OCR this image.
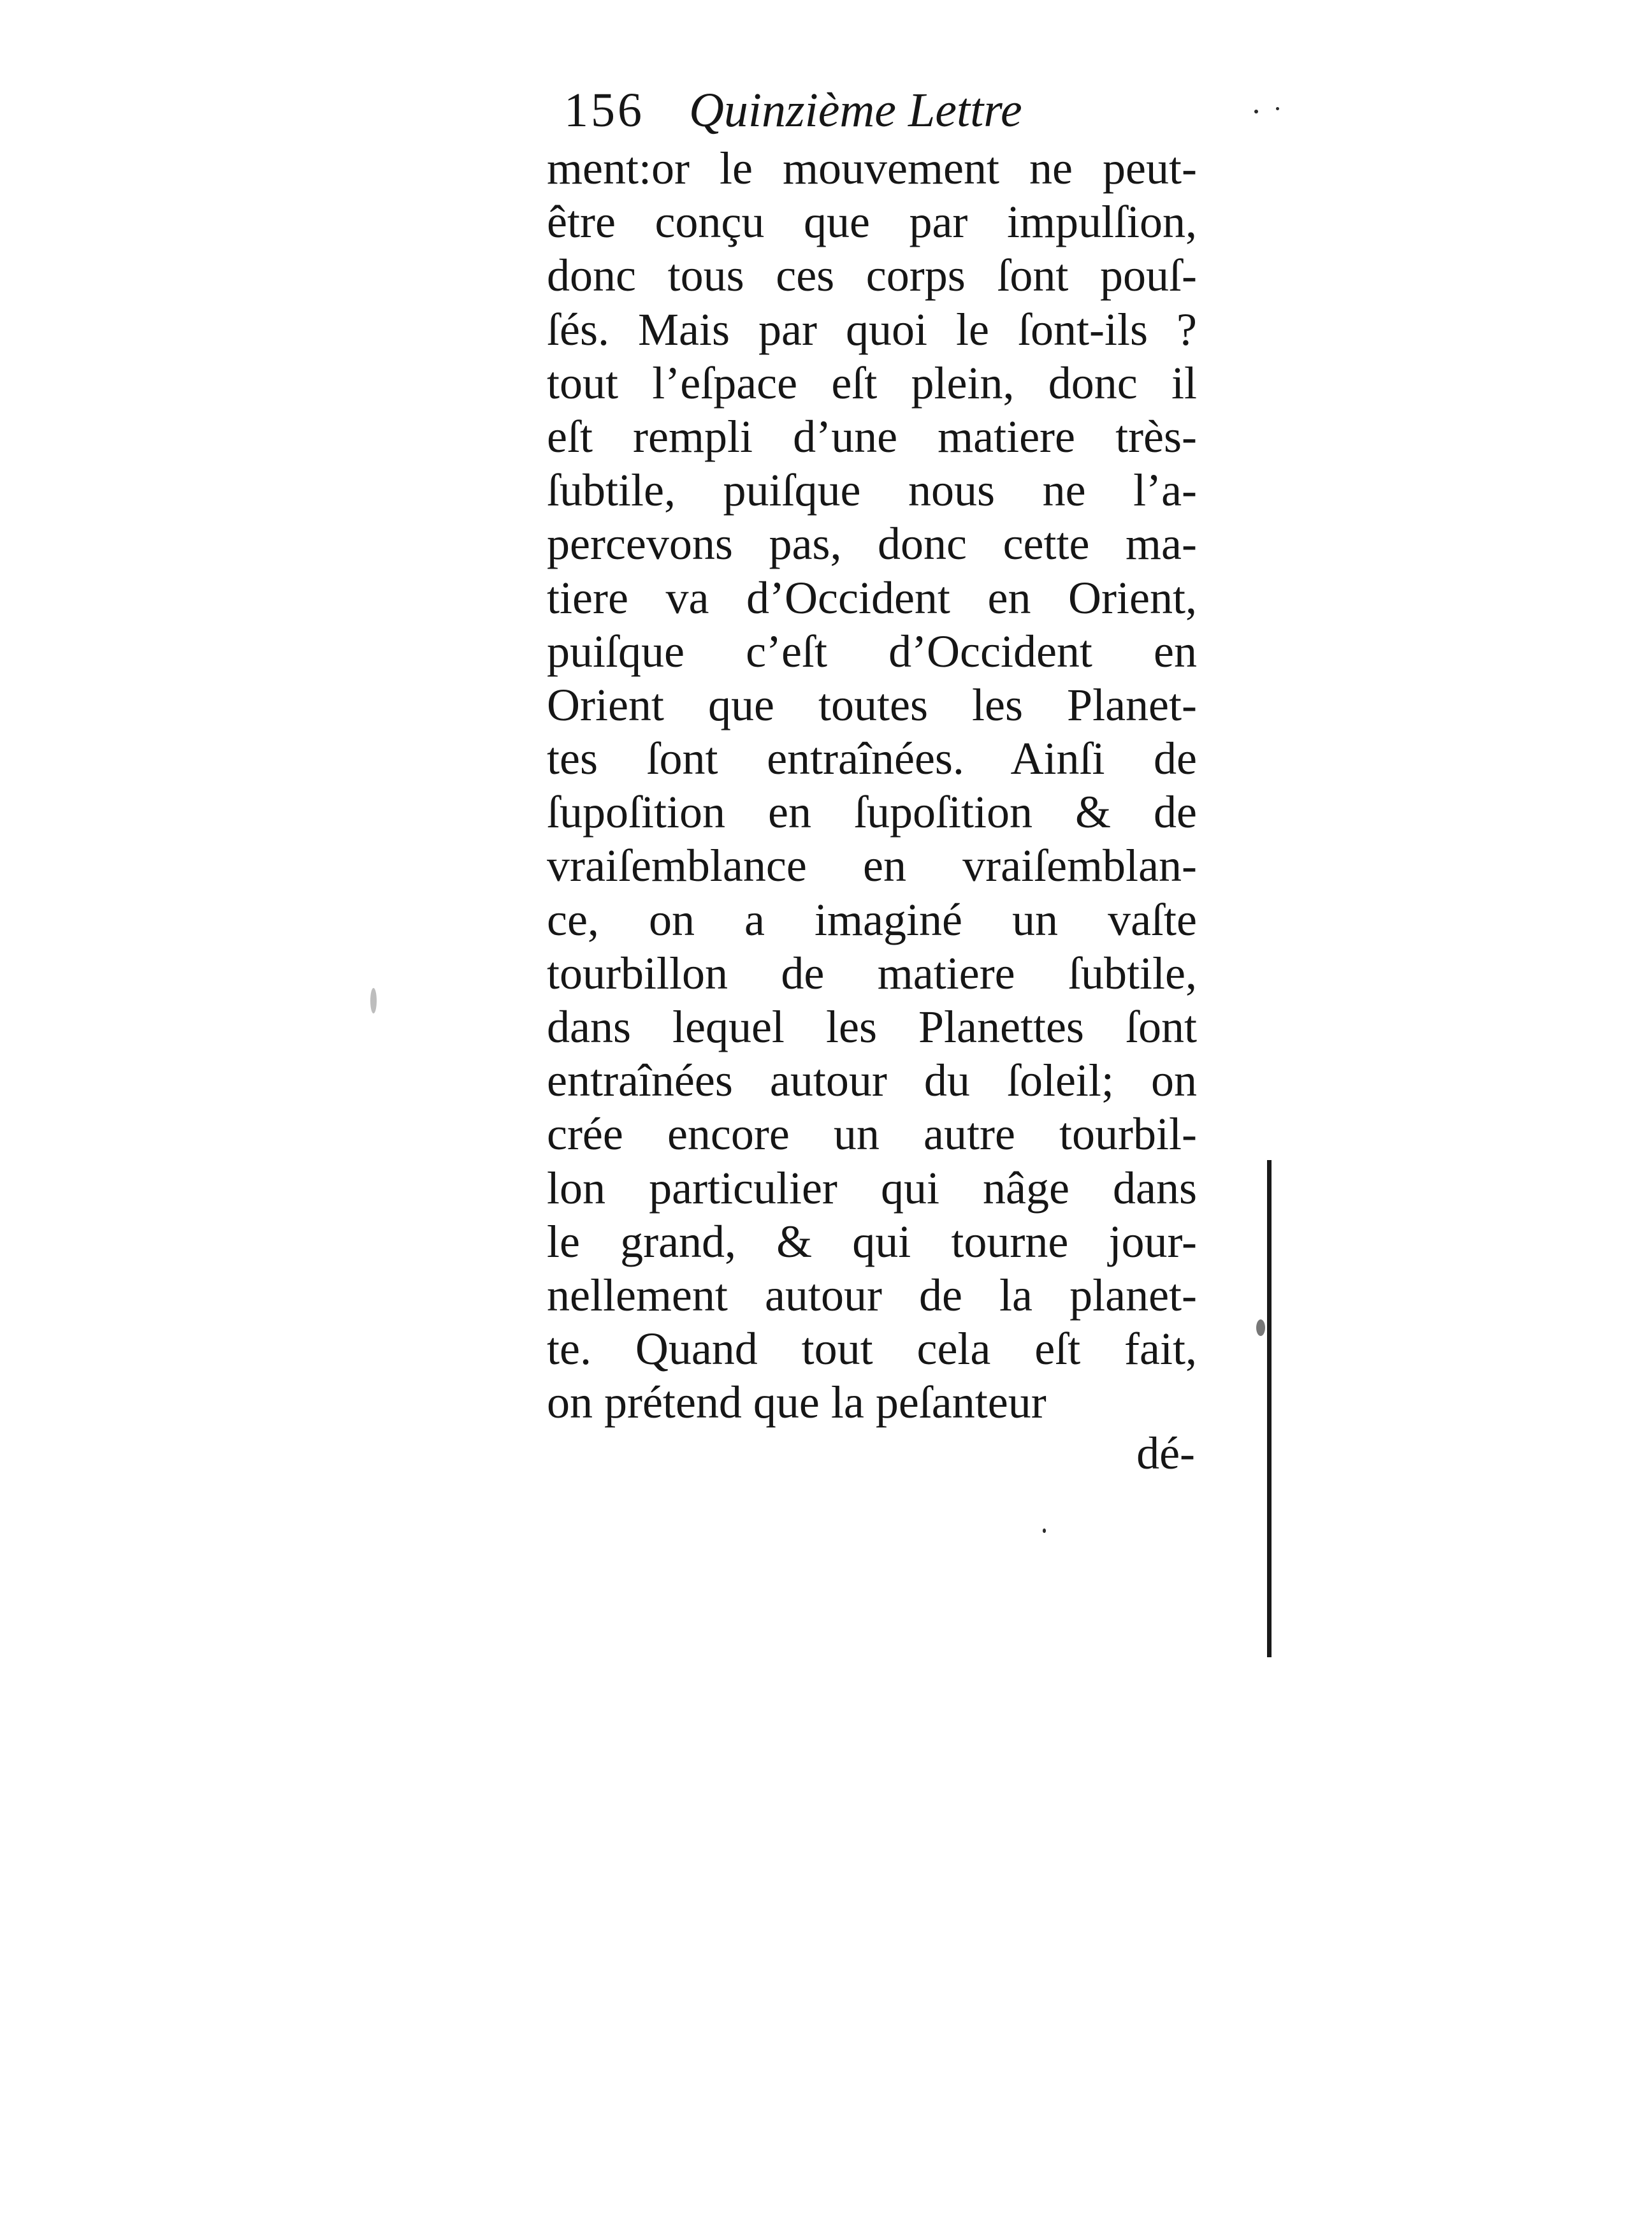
156 Quinzième Lettre
ment:or le mouvement ne peut-
être conçu que par impulſion,
donc tous ces corps ſont pouſ-
ſés. Mais par quoi le ſont-ils ?
tout l’eſpace eſt plein, donc il
eſt rempli d’une matiere très-
ſubtile, puiſque nous ne l’a-
percevons pas, donc cette ma-
tiere va d’Occident en Orient,
puiſque c’eſt d’Occident en
Orient que toutes les Planet-
tes ſont entraînées. Ainſi de
ſupoſition en ſupoſition & de
vraiſemblance en vraiſemblan-
ce, on a imaginé un vaſte
tourbillon de matiere ſubtile,
dans lequel les Planettes ſont
entraînées autour du ſoleil; on
crée encore un autre tourbil-
lon particulier qui nâge dans
le grand, & qui tourne jour-
nellement autour de la planet-
te. Quand tout cela eſt fait,
on prétend que la peſanteur
dé-
